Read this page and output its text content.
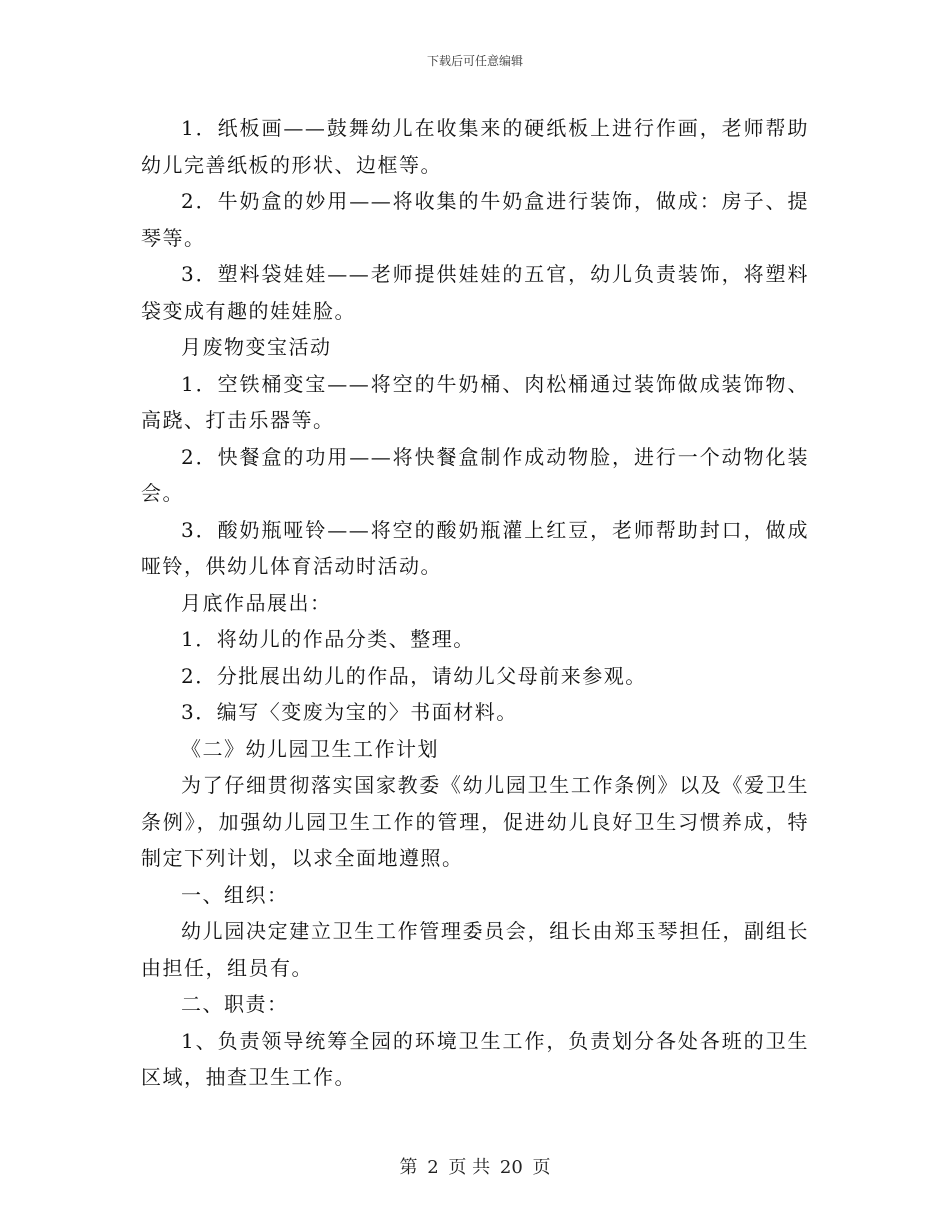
下载后可任意编辑

1．纸板画——鼓舞幼儿在收集来的硬纸板上进行作画，老师帮助幼儿完善纸板的形状、边框等。

2．牛奶盒的妙用——将收集的牛奶盒进行装饰，做成：房子、提琴等。

3．塑料袋娃娃——老师提供娃娃的五官，幼儿负责装饰，将塑料袋变成有趣的娃娃脸。

月废物变宝活动

1．空铁桶变宝——将空的牛奶桶、肉松桶通过装饰做成装饰物、高跷、打击乐器等。

2．快餐盒的功用——将快餐盒制作成动物脸，进行一个动物化装会。

3．酸奶瓶哑铃——将空的酸奶瓶灌上红豆，老师帮助封口，做成哑铃，供幼儿体育活动时活动。

月底作品展出：

1．将幼儿的作品分类、整理。

2．分批展出幼儿的作品，请幼儿父母前来参观。

3．编写〈变废为宝的〉书面材料。

《二》幼儿园卫生工作计划

为了仔细贯彻落实国家教委《幼儿园卫生工作条例》以及《爱卫生条例》，加强幼儿园卫生工作的管理，促进幼儿良好卫生习惯养成，特制定下列计划，以求全面地遵照。

一、组织：

幼儿园决定建立卫生工作管理委员会，组长由郑玉琴担任，副组长由担任，组员有。

二、职责：

1、负责领导统筹全园的环境卫生工作，负责划分各处各班的卫生区域，抽查卫生工作。

第 2 页 共 20 页
